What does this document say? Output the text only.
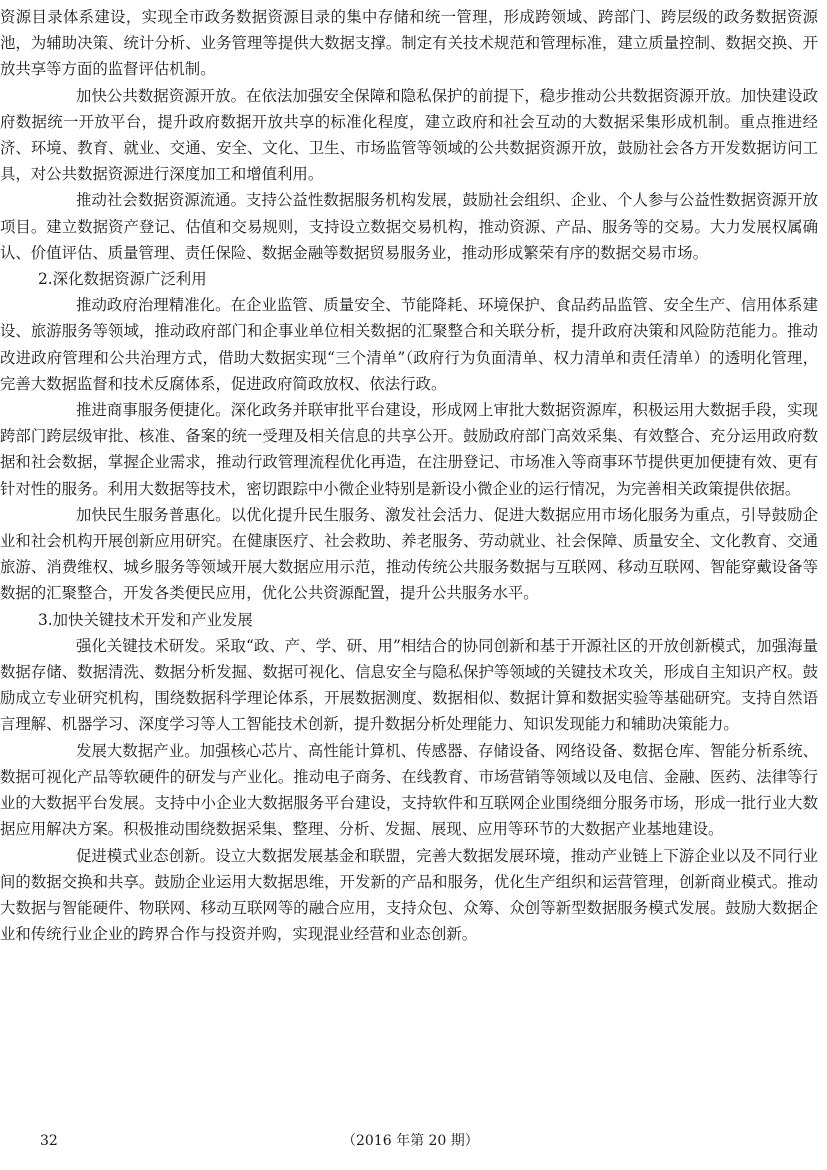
资源目录体系建设，实现全市政务数据资源目录的集中存储和统一管理，形成跨领域、跨部门、跨层级的政务数据资源池，为辅助决策、统计分析、业务管理等提供大数据支撑。制定有关技术规范和管理标准，建立质量控制、数据交换、开放共享等方面的监督评估机制。

加快公共数据资源开放。在依法加强安全保障和隐私保护的前提下，稳步推动公共数据资源开放。加快建设政府数据统一开放平台，提升政府数据开放共享的标准化程度，建立政府和社会互动的大数据采集形成机制。重点推进经济、环境、教育、就业、交通、安全、文化、卫生、市场监管等领域的公共数据资源开放，鼓励社会各方开发数据访问工具，对公共数据资源进行深度加工和增值利用。

推动社会数据资源流通。支持公益性数据服务机构发展，鼓励社会组织、企业、个人参与公益性数据资源开放项目。建立数据资产登记、估值和交易规则，支持设立数据交易机构，推动资源、产品、服务等的交易。大力发展权属确认、价值评估、质量管理、责任保险、数据金融等数据贸易服务业，推动形成繁荣有序的数据交易市场。

2.深化数据资源广泛利用

推动政府治理精准化。在企业监管、质量安全、节能降耗、环境保护、食品药品监管、安全生产、信用体系建设、旅游服务等领域，推动政府部门和企事业单位相关数据的汇聚整合和关联分析，提升政府决策和风险防范能力。推动改进政府管理和公共治理方式，借助大数据实现“三个清单”（政府行为负面清单、权力清单和责任清单）的透明化管理，完善大数据监督和技术反腐体系，促进政府简政放权、依法行政。

推进商事服务便捷化。深化政务并联审批平台建设，形成网上审批大数据资源库，积极运用大数据手段，实现跨部门跨层级审批、核准、备案的统一受理及相关信息的共享公开。鼓励政府部门高效采集、有效整合、充分运用政府数据和社会数据，掌握企业需求，推动行政管理流程优化再造，在注册登记、市场准入等商事环节提供更加便捷有效、更有针对性的服务。利用大数据等技术，密切跟踪中小微企业特别是新设小微企业的运行情况，为完善相关政策提供依据。

加快民生服务普惠化。以优化提升民生服务、激发社会活力、促进大数据应用市场化服务为重点，引导鼓励企业和社会机构开展创新应用研究。在健康医疗、社会救助、养老服务、劳动就业、社会保障、质量安全、文化教育、交通旅游、消费维权、城乡服务等领域开展大数据应用示范，推动传统公共服务数据与互联网、移动互联网、智能穿戴设备等数据的汇聚整合，开发各类便民应用，优化公共资源配置，提升公共服务水平。

3.加快关键技术开发和产业发展

强化关键技术研发。采取“政、产、学、研、用”相结合的协同创新和基于开源社区的开放创新模式，加强海量数据存储、数据清洗、数据分析发掘、数据可视化、信息安全与隐私保护等领域的关键技术攻关，形成自主知识产权。鼓励成立专业研究机构，围绕数据科学理论体系，开展数据测度、数据相似、数据计算和数据实验等基础研究。支持自然语言理解、机器学习、深度学习等人工智能技术创新，提升数据分析处理能力、知识发现能力和辅助决策能力。

发展大数据产业。加强核心芯片、高性能计算机、传感器、存储设备、网络设备、数据仓库、智能分析系统、数据可视化产品等软硬件的研发与产业化。推动电子商务、在线教育、市场营销等领域以及电信、金融、医药、法律等行业的大数据平台发展。支持中小企业大数据服务平台建设，支持软件和互联网企业围绕细分服务市场，形成一批行业大数据应用解决方案。积极推动围绕数据采集、整理、分析、发掘、展现、应用等环节的大数据产业基地建设。

促进模式业态创新。设立大数据发展基金和联盟，完善大数据发展环境，推动产业链上下游企业以及不同行业间的数据交换和共享。鼓励企业运用大数据思维，开发新的产品和服务，优化生产组织和运营管理，创新商业模式。推动大数据与智能硬件、物联网、移动互联网等的融合应用，支持众包、众筹、众创等新型数据服务模式发展。鼓励大数据企业和传统行业企业的跨界合作与投资并购，实现混业经营和业态创新。

32	（2016 年第 20 期）
